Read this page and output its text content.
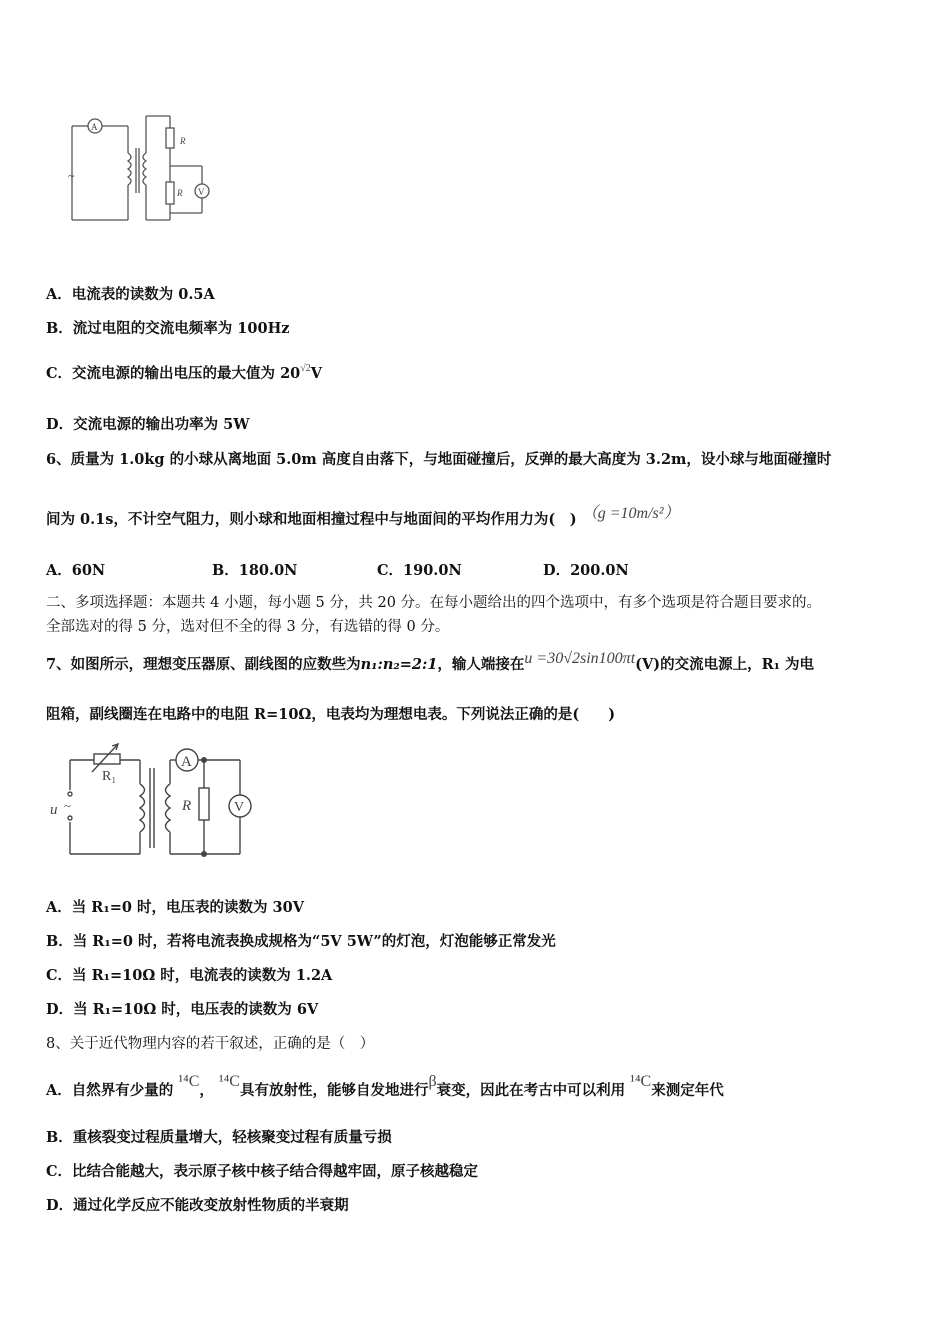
A
V
R
R
~
A．电流表的读数为 0.5A
B．流过电阻的交流电频率为 100Hz
C．交流电源的输出电压的最大值为 $20^{√2}V$
D．交流电源的输出功率为 5W
6、质量为 1.0kg 的小球从离地面 5.0m 高度自由落下，与地面碰撞后，反弹的最大高度为 3.2m，设小球与地面碰撞时
间为 0.1s，不计空气阻力，则小球和地面相撞过程中与地面间的平均作用力为(　) （g =10m/s²）
A．60N	B．180.0N	C．190.0N	D．200.0N
二、多项选择题：本题共 4 小题，每小题 5 分，共 20 分。在每小题给出的四个选项中，有多个选项是符合题目要求的。
全部选对的得 5 分，选对但不全的得 3 分，有选错的得 0 分。
7、如图所示，理想变压器原、副线图的应数些为n₁:n₂=2:1，输人端接在u =30√2sin100πt(V)的交流电源上，R₁ 为电
阻箱，副线圈连在电路中的电阻 R=10Ω，电表均为理想电表。下列说法正确的是(　　)
u ~
R₁
A
R	V
A．当 R₁=0 时，电压表的读数为 30V
B．当 R₁=0 时，若将电流表换成规格为“5V 5W”的灯泡，灯泡能够正常发光
C．当 R₁=10Ω 时，电流表的读数为 1.2A
D．当 R₁=10Ω 时，电压表的读数为 6V
8、关于近代物理内容的若干叙述，正确的是（　）
A．自然界有少量的 ¹⁴C， ¹⁴C具有放射性，能够自发地进行β衰变，因此在考古中可以利用 ¹⁴C来测定年代
B．重核裂变过程质量增大，轻核聚变过程有质量亏损
C．比结合能越大，表示原子核中核子结合得越牢固，原子核越稳定
D．通过化学反应不能改变放射性物质的半衰期
